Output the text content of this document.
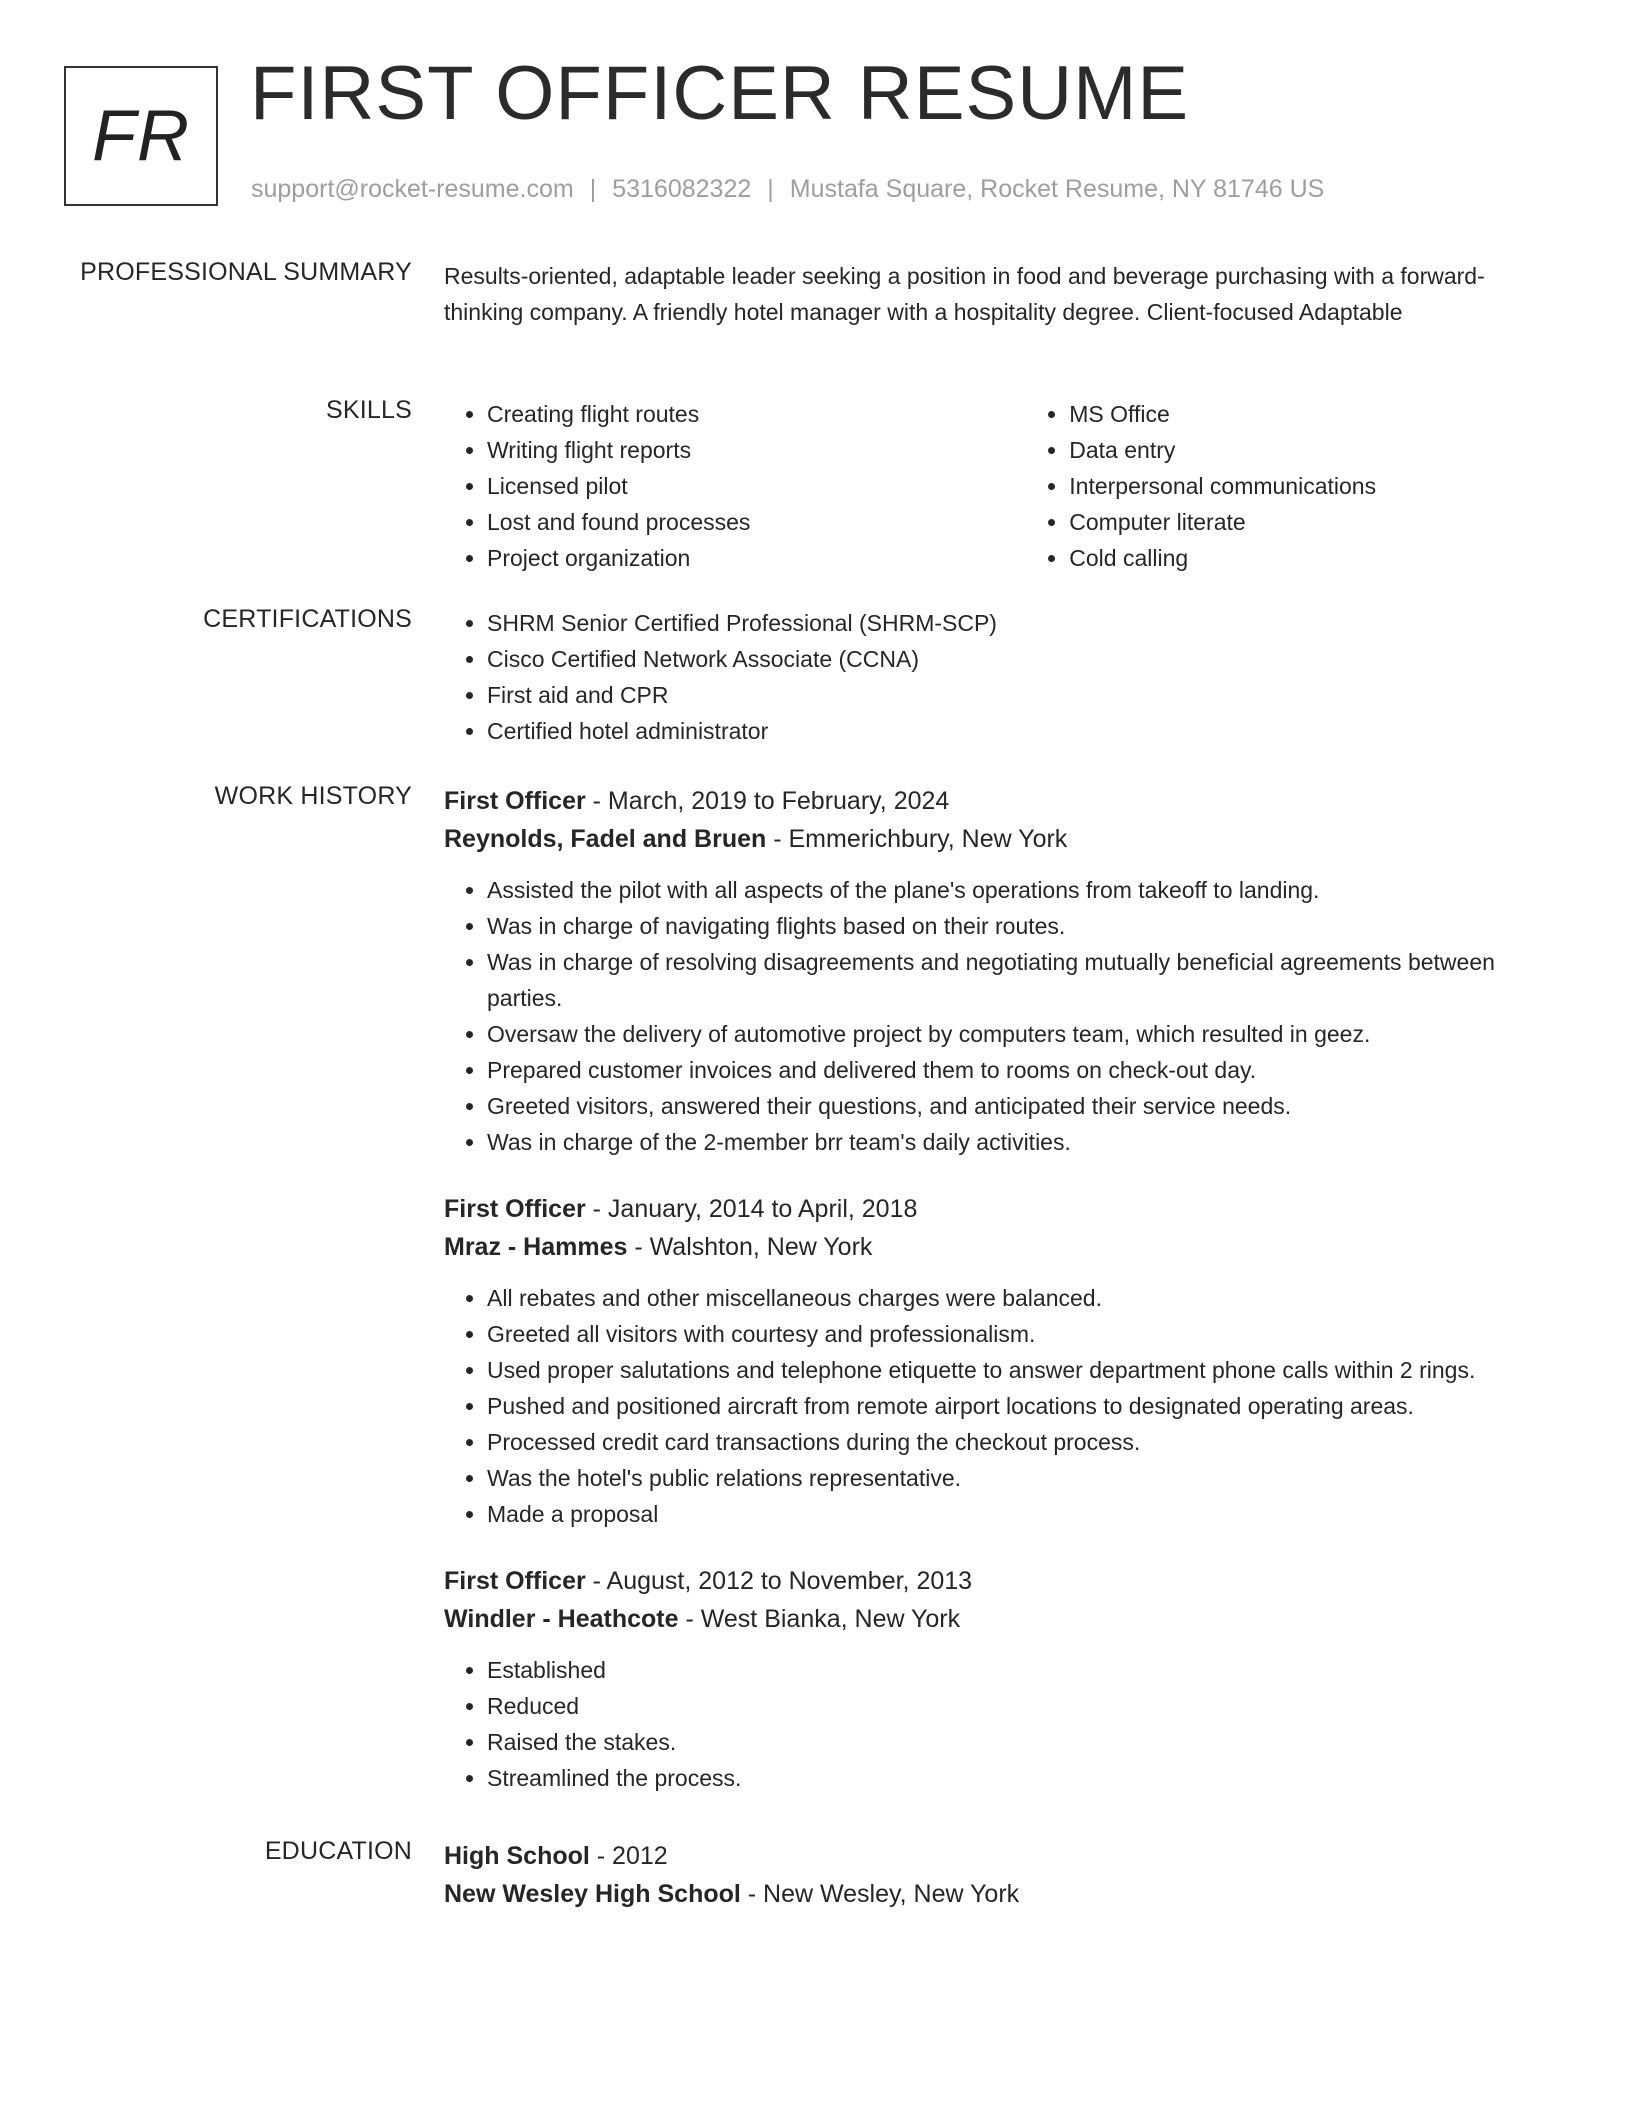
FR FIRST OFFICER RESUME
support@rocket-resume.com | 5316082322 | Mustafa Square, Rocket Resume, NY 81746 US
PROFESSIONAL SUMMARY Results-oriented, adaptable leader seeking a position in food and beverage purchasing with a forward-thinking company. A friendly hotel manager with a hospitality degree. Client-focused Adaptable

SKILLS	• Creating flight routes
• Writing flight reports
• Licensed pilot
• Lost and found processes
• Project organization
• MS Office
• Data entry
• Interpersonal communications
• Computer literate
• Cold calling
CERTIFICATIONS	• SHRM Senior Certified Professional (SHRM-SCP)
• Cisco Certified Network Associate (CCNA)
• First aid and CPR
• Certified hotel administrator
WORK HISTORY First Officer - March, 2019 to February, 2024
Reynolds, Fadel and Bruen - Emmerichbury, New York
• Assisted the pilot with all aspects of the plane's operations from takeoff to landing.
• Was in charge of navigating flights based on their routes.
• Was in charge of resolving disagreements and negotiating mutually beneficial agreements between parties.
• Oversaw the delivery of automotive project by computers team, which resulted in geez.
• Prepared customer invoices and delivered them to rooms on check-out day.
• Greeted visitors, answered their questions, and anticipated their service needs.
• Was in charge of the 2-member brr team's daily activities.
First Officer - January, 2014 to April, 2018
Mraz - Hammes - Walshton, New York
• All rebates and other miscellaneous charges were balanced.
• Greeted all visitors with courtesy and professionalism.
• Used proper salutations and telephone etiquette to answer department phone calls within 2 rings.
• Pushed and positioned aircraft from remote airport locations to designated operating areas.
• Processed credit card transactions during the checkout process.
• Was the hotel's public relations representative.
• Made a proposal
First Officer - August, 2012 to November, 2013
Windler - Heathcote - West Bianka, New York
• Established
• Reduced
• Raised the stakes.
• Streamlined the process.
EDUCATION High School - 2012
New Wesley High School - New Wesley, New York
